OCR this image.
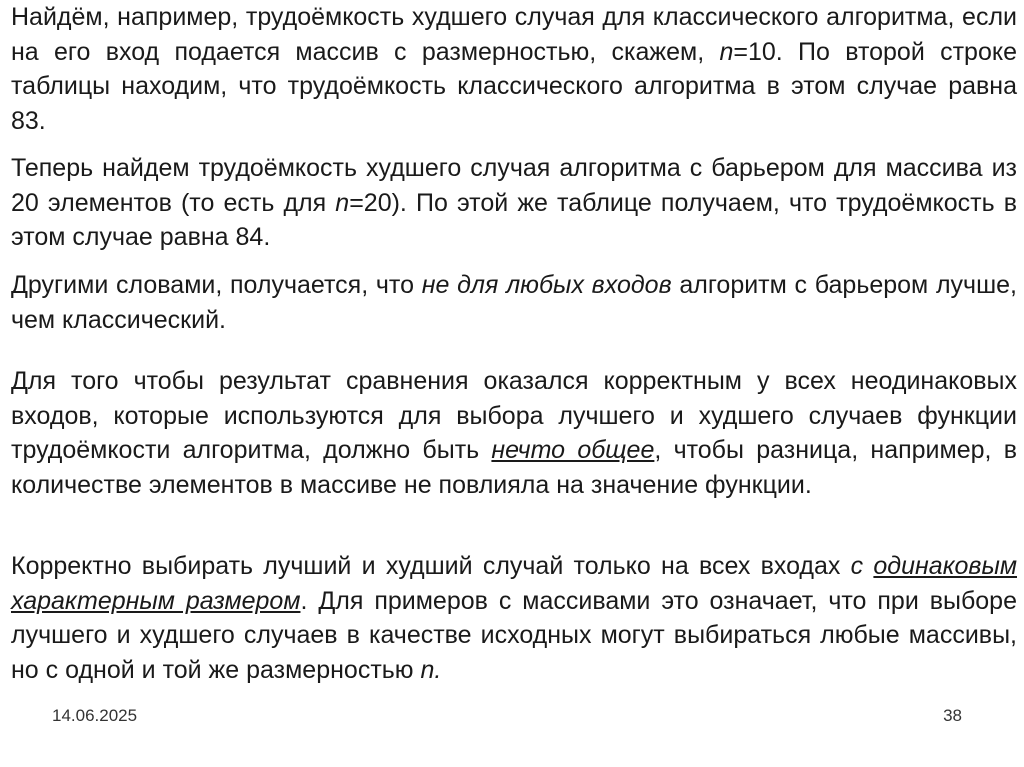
Найдём, например, трудоёмкость худшего случая для классического алгоритма, если на его вход подается массив с размерностью, скажем, n=10. По второй строке таблицы находим, что трудоёмкость классического алгоритма в этом случае равна 83.

Теперь найдем трудоёмкость худшего случая алгоритма с барьером для массива из 20 элементов (то есть для n=20). По этой же таблице получаем, что трудоёмкость в этом случае равна 84.

Другими словами, получается, что не для любых входов алгоритм с барьером лучше, чем классический.

Для того чтобы результат сравнения оказался корректным у всех неодинаковых входов, которые используются для выбора лучшего и худшего случаев функции трудоёмкости алгоритма, должно быть нечто общее, чтобы разница, например, в количестве элементов в массиве не повлияла на значение функции.

Корректно выбирать лучший и худший случай только на всех входах с одинаковым характерным размером. Для примеров с массивами это означает, что при выборе лучшего и худшего случаев в качестве исходных могут выбираться любые массивы, но с одной и той же размерностью n.

14.06.2025	38
